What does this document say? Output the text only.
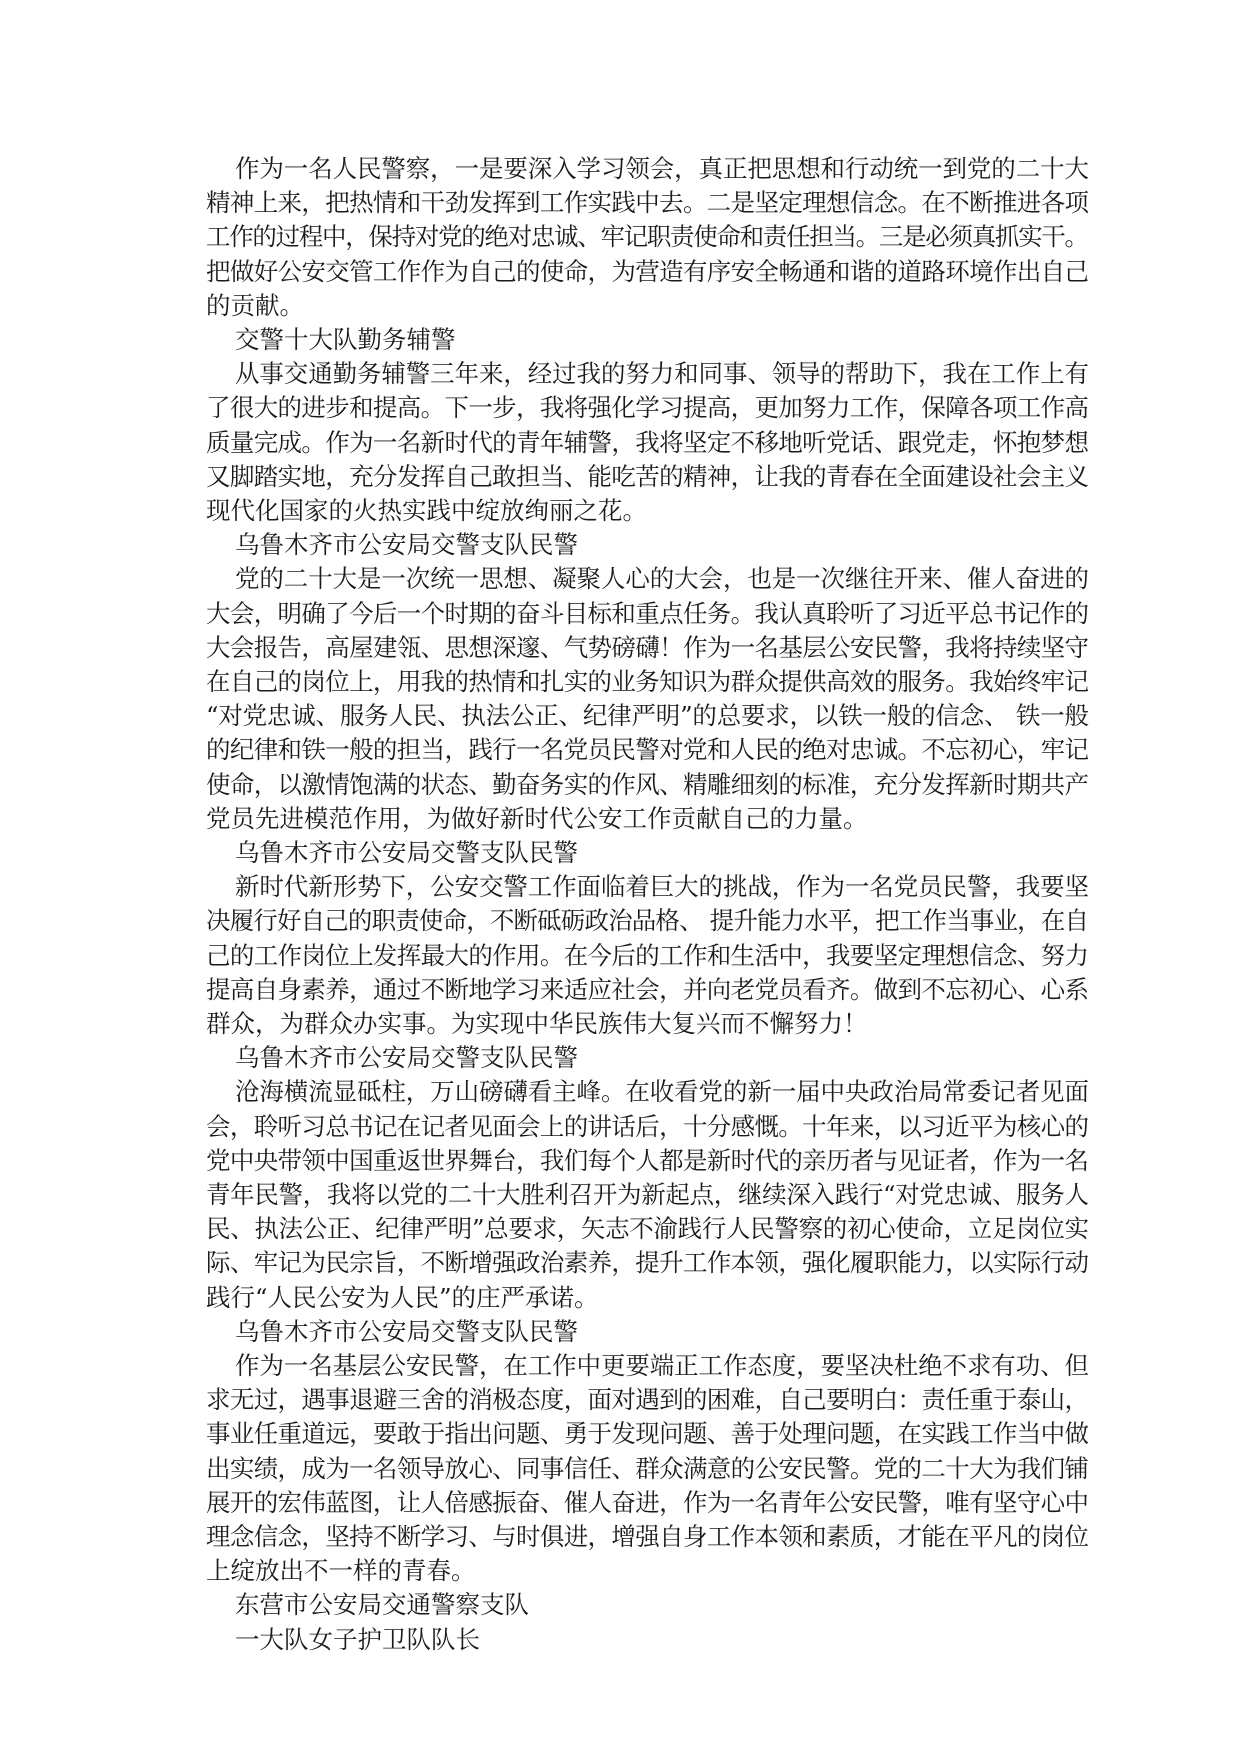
作为一名人民警察，一是要深入学习领会，真正把思想和行动统一到党的二十大
精神上来，把热情和干劲发挥到工作实践中去。二是坚定理想信念。在不断推进各项
工作的过程中，保持对党的绝对忠诚、牢记职责使命和责任担当。三是必须真抓实干。
把做好公安交管工作作为自己的使命，为营造有序安全畅通和谐的道路环境作出自己
的贡献。
交警十大队勤务辅警
从事交通勤务辅警三年来，经过我的努力和同事、领导的帮助下，我在工作上有
了很大的进步和提高。下一步，我将强化学习提高，更加努力工作，保障各项工作高
质量完成。作为一名新时代的青年辅警，我将坚定不移地听党话、跟党走，怀抱梦想
又脚踏实地，充分发挥自己敢担当、能吃苦的精神，让我的青春在全面建设社会主义
现代化国家的火热实践中绽放绚丽之花。
乌鲁木齐市公安局交警支队民警
党的二十大是一次统一思想、凝聚人心的大会，也是一次继往开来、催人奋进的
大会，明确了今后一个时期的奋斗目标和重点任务。我认真聆听了习近平总书记作的
大会报告，高屋建瓴、思想深邃、气势磅礴！作为一名基层公安民警，我将持续坚守
在自己的岗位上，用我的热情和扎实的业务知识为群众提供高效的服务。我始终牢记
“对党忠诚、服务人民、执法公正、纪律严明”的总要求，以铁一般的信念、 铁一般
的纪律和铁一般的担当，践行一名党员民警对党和人民的绝对忠诚。不忘初心，牢记
使命，以激情饱满的状态、勤奋务实的作风、精雕细刻的标准，充分发挥新时期共产
党员先进模范作用，为做好新时代公安工作贡献自己的力量。
乌鲁木齐市公安局交警支队民警
新时代新形势下，公安交警工作面临着巨大的挑战，作为一名党员民警，我要坚
决履行好自己的职责使命，不断砥砺政治品格、 提升能力水平，把工作当事业，在自
己的工作岗位上发挥最大的作用。在今后的工作和生活中，我要坚定理想信念、努力
提高自身素养，通过不断地学习来适应社会，并向老党员看齐。做到不忘初心、心系
群众，为群众办实事。为实现中华民族伟大复兴而不懈努力！
乌鲁木齐市公安局交警支队民警
沧海横流显砥柱，万山磅礴看主峰。在收看党的新一届中央政治局常委记者见面
会，聆听习总书记在记者见面会上的讲话后，十分感慨。十年来，以习近平为核心的
党中央带领中国重返世界舞台，我们每个人都是新时代的亲历者与见证者，作为一名
青年民警，我将以党的二十大胜利召开为新起点，继续深入践行“对党忠诚、服务人
民、执法公正、纪律严明”总要求，矢志不渝践行人民警察的初心使命，立足岗位实
际、牢记为民宗旨，不断增强政治素养，提升工作本领，强化履职能力，以实际行动
践行“人民公安为人民”的庄严承诺。
乌鲁木齐市公安局交警支队民警
作为一名基层公安民警，在工作中更要端正工作态度，要坚决杜绝不求有功、但
求无过，遇事退避三舍的消极态度，面对遇到的困难，自己要明白：责任重于泰山，
事业任重道远，要敢于指出问题、勇于发现问题、善于处理问题，在实践工作当中做
出实绩，成为一名领导放心、同事信任、群众满意的公安民警。党的二十大为我们铺
展开的宏伟蓝图，让人倍感振奋、催人奋进，作为一名青年公安民警，唯有坚守心中
理念信念，坚持不断学习、与时俱进，增强自身工作本领和素质，才能在平凡的岗位
上绽放出不一样的青春。
东营市公安局交通警察支队
一大队女子护卫队队长
